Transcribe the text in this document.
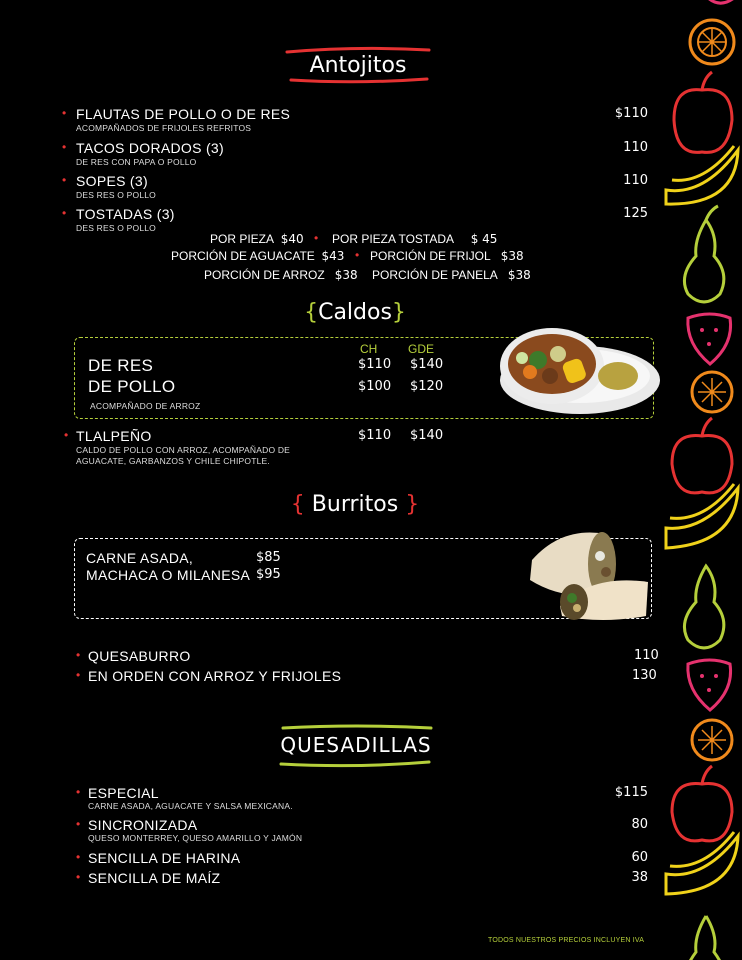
Antojitos
• FLAUTAS DE POLLO O DE RES
ACOMPAÑADOS DE FRIJOLES REFRITOS
$110
• TACOS DORADOS (3)
DE RES CON PAPA O POLLO
110
• SOPES (3)
DES RES O POLLO
110
• TOSTADAS (3)
DES RES O POLLO
125
POR PIEZA $40 • POR PIEZA TOSTADA $ 45
PORCIÓN DE AGUACATE $43 • PORCIÓN DE FRIJOL $38
PORCIÓN DE ARROZ $38 PORCIÓN DE PANELA $38
{Caldos}
CH	GDE
DE RES	$110 $140
DE POLLO	$100 $120
ACOMPAÑADO DE ARROZ
• TLALPEÑO	$110 $140
CALDO DE POLLO CON ARROZ, ACOMPAÑADO DE
AGUACATE, GARBANZOS Y CHILE CHIPOTLE.
{ Burritos }
CARNE ASADA,	$85
MACHACA O MILANESA $95
• QUESABURRO	110
• EN ORDEN CON ARROZ Y FRIJOLES	130
QUESADILLAS
• ESPECIAL
CARNE ASADA, AGUACATE Y SALSA MEXICANA.
$115
• SINCRONIZADA
QUESO MONTERREY, QUESO AMARILLO Y JAMÓN
80
• SENCILLA DE HARINA	60
• SENCILLA DE MAÍZ	38
TODOS NUESTROS PRECIOS INCLUYEN IVA
